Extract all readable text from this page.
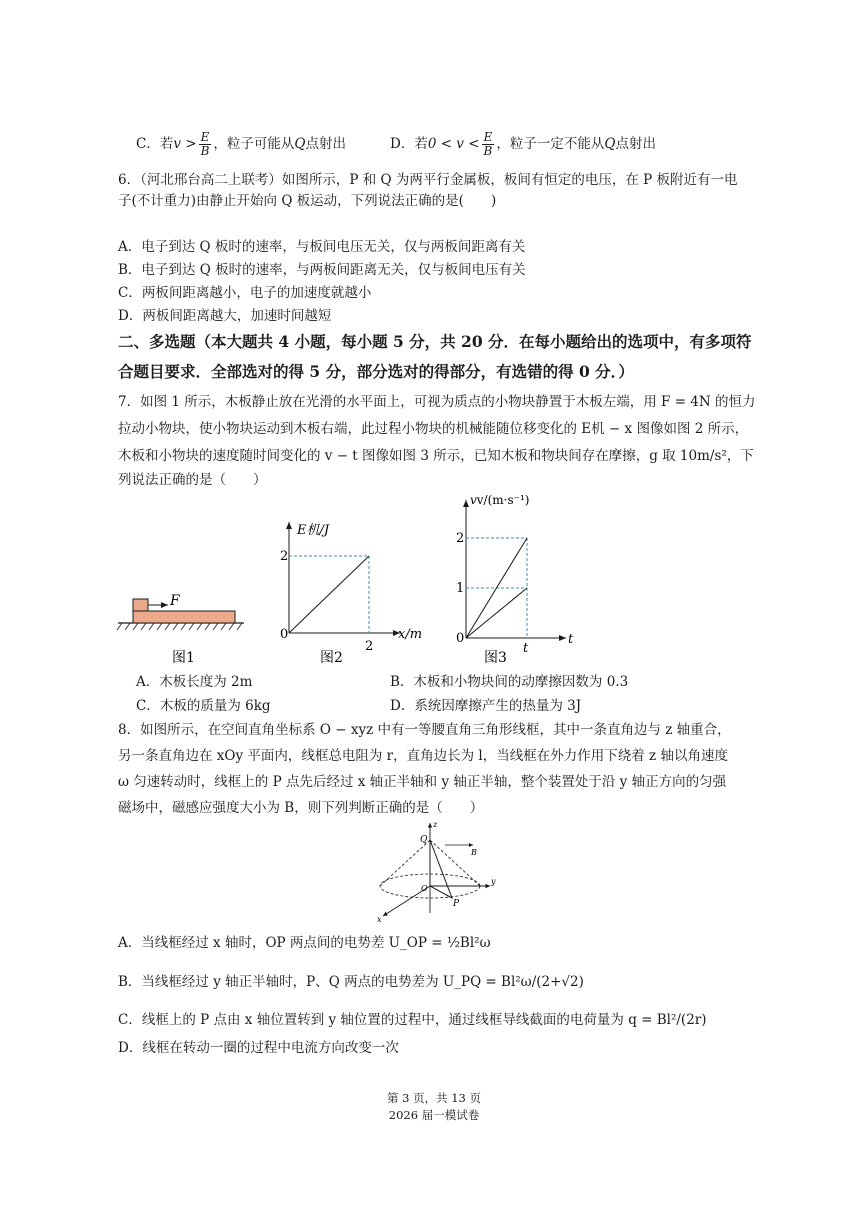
C．若$v > \frac{E}{B}$ ，粒子可能从Q点射出	D．若$0 < v < \frac{E}{B}$ ，粒子一定不能从Q点射出
6．（河北邢台高二上联考）如图所示，P 和 Q 为两平行金属板，板间有恒定的电压，在 P 板附近有一电
子(不计重力)由静止开始向 Q 板运动，下列说法正确的是(　　)
A．电子到达 Q 板时的速率，与板间电压无关，仅与两板间距离有关
B．电子到达 Q 板时的速率，与两板间距离无关，仅与板间电压有关
C．两板间距离越小，电子的加速度就越小
D．两板间距离越大，加速时间越短
二、多选题（本大题共 4 小题，每小题 5 分，共 20 分．在每小题给出的选项中，有多项符
合题目要求．全部选对的得 5 分，部分选对的得部分，有选错的得 0 分．）
7．如图 1 所示，木板静止放在光滑的水平面上，可视为质点的小物块静置于木板左端，用 F = 4N 的恒力
拉动小物块，使小物块运动到木板右端，此过程小物块的机械能随位移变化的 E机 − x 图像如图 2 所示，
木板和小物块的速度随时间变化的 v − t 图像如图 3 所示，已知木板和物块间存在摩擦，g 取 10m/s²，下
列说法正确的是（　　）
F
图1
E机/J
x/m
2
2
0
图2
vv/(m·s⁻¹)
t
2
1
t
0
图3
A．木板长度为 2m	B．木板和小物块间的动摩擦因数为 0.3
C．木板的质量为 6kg	D．系统因摩擦产生的热量为 3J
8．如图所示，在空间直角坐标系 O − xyz 中有一等腰直角三角形线框，其中一条直角边与 z 轴重合，
另一条直角边在 xOy 平面内，线框总电阻为 r，直角边长为 l，当线框在外力作用下绕着 z 轴以角速度
ω 匀速转动时，线框上的 P 点先后经过 x 轴正半轴和 y 轴正半轴，整个装置处于沿 y 轴正方向的匀强
磁场中，磁感应强度大小为 B，则下列判断正确的是（　　）
z
Q
B
O
P
x
y
A．当线框经过 x 轴时，OP 两点间的电势差 U_OP = ½Bl²ω
B．当线框经过 y 轴正半轴时，P、Q 两点的电势差为 U_PQ = Bl²ω/(2+√2)
C．线框上的 P 点由 x 轴位置转到 y 轴位置的过程中，通过线框导线截面的电荷量为 q = Bl²/(2r)
D．线框在转动一圈的过程中电流方向改变一次
第 3 页，共 13 页
2026 届一模试卷
